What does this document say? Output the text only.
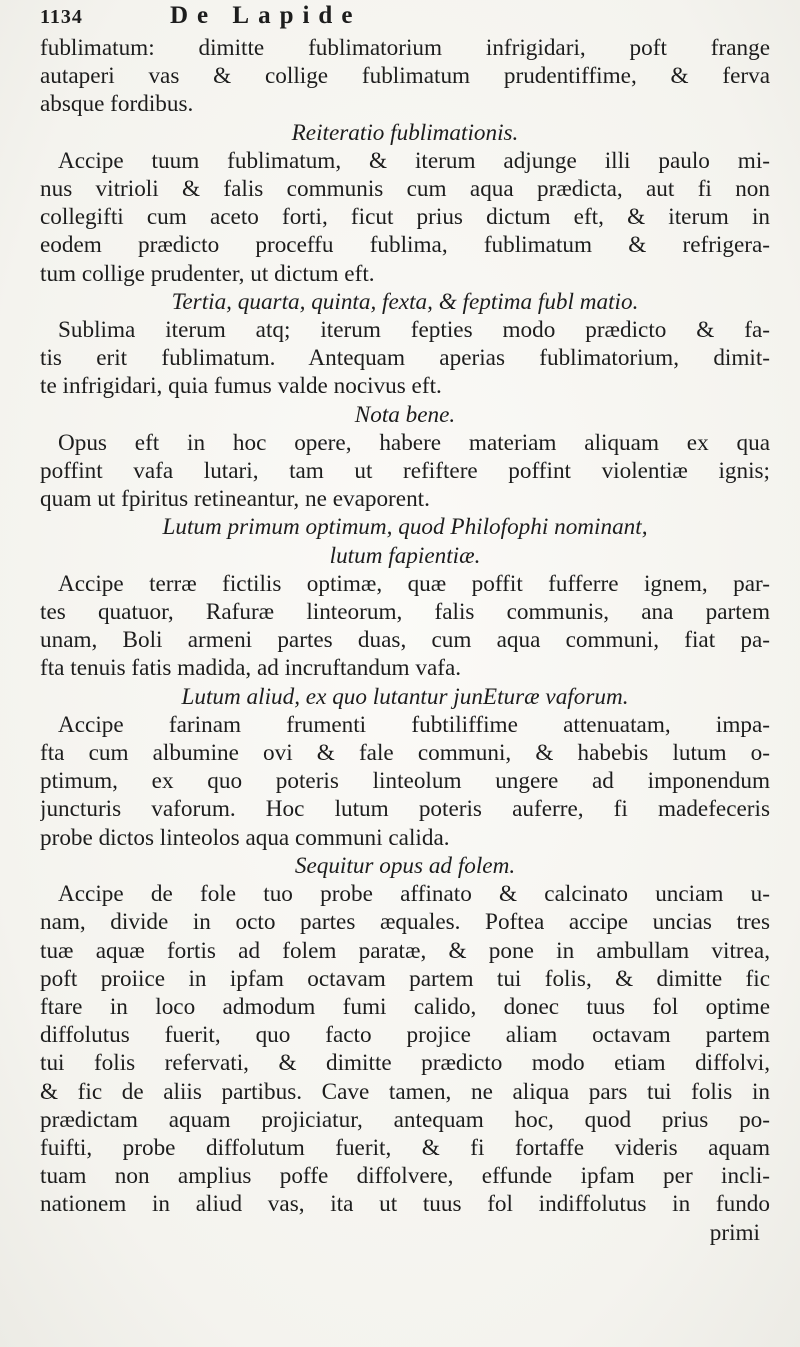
1134	De Lapide
fublimatum: dimitte fublimatorium infrigidari, poft frange
autaperi vas & collige fublimatum prudentiffime, & ferva
absque fordibus.
Reiteratio fublimationis.
Accipe tuum fublimatum, & iterum adjunge illi paulo mi-
nus vitrioli & falis communis cum aqua prædicta, aut fi non
collegifti cum aceto forti, ficut prius dictum eft, & iterum in
eodem prædicto proceffu fublima, fublimatum & refrigera-
tum collige prudenter, ut dictum eft.
Tertia, quarta, quinta, fexta, & feptima fubl matio.
Sublima iterum atq; iterum fepties modo prædicto & fa-
tis erit fublimatum. Antequam aperias fublimatorium, dimit-
te infrigidari, quia fumus valde nocivus eft.
Nota bene.
Opus eft in hoc opere, habere materiam aliquam ex qua
poffint vafa lutari, tam ut refiftere poffint violentiæ ignis;
quam ut fpiritus retineantur, ne evaporent.
Lutum primum optimum, quod Philofophi nominant,
lutum fapientiæ.
Accipe terræ fictilis optimæ, quæ poffit fufferre ignem, par-
tes quatuor, Rafuræ linteorum, falis communis, ana partem
unam, Boli armeni partes duas, cum aqua communi, fiat pa-
fta tenuis fatis madida, ad incruftandum vafa.
Lutum aliud, ex quo lutantur junEturæ vaforum.
Accipe farinam frumenti fubtiliffime attenuatam, impa-
fta cum albumine ovi & fale communi, & habebis lutum o-
ptimum, ex quo poteris linteolum ungere ad imponendum
juncturis vaforum. Hoc lutum poteris auferre, fi madefeceris
probe dictos linteolos aqua communi calida.
Sequitur opus ad folem.
Accipe de fole tuo probe affinato & calcinato unciam u-
nam, divide in octo partes æquales. Poftea accipe uncias tres
tuæ aquæ fortis ad folem paratæ, & pone in ambullam vitrea,
poft proiice in ipfam octavam partem tui folis, & dimitte fic
ftare in loco admodum fumi calido, donec tuus fol optime
diffolutus fuerit, quo facto projice aliam octavam partem
tui folis refervati, & dimitte prædicto modo etiam diffolvi,
& fic de aliis partibus. Cave tamen, ne aliqua pars tui folis in
prædictam aquam projiciatur, antequam hoc, quod prius po-
fuifti, probe diffolutum fuerit, & fi fortaffe videris aquam
tuam non amplius poffe diffolvere, effunde ipfam per incli-
nationem in aliud vas, ita ut tuus fol indiffolutus in fundo
primi
